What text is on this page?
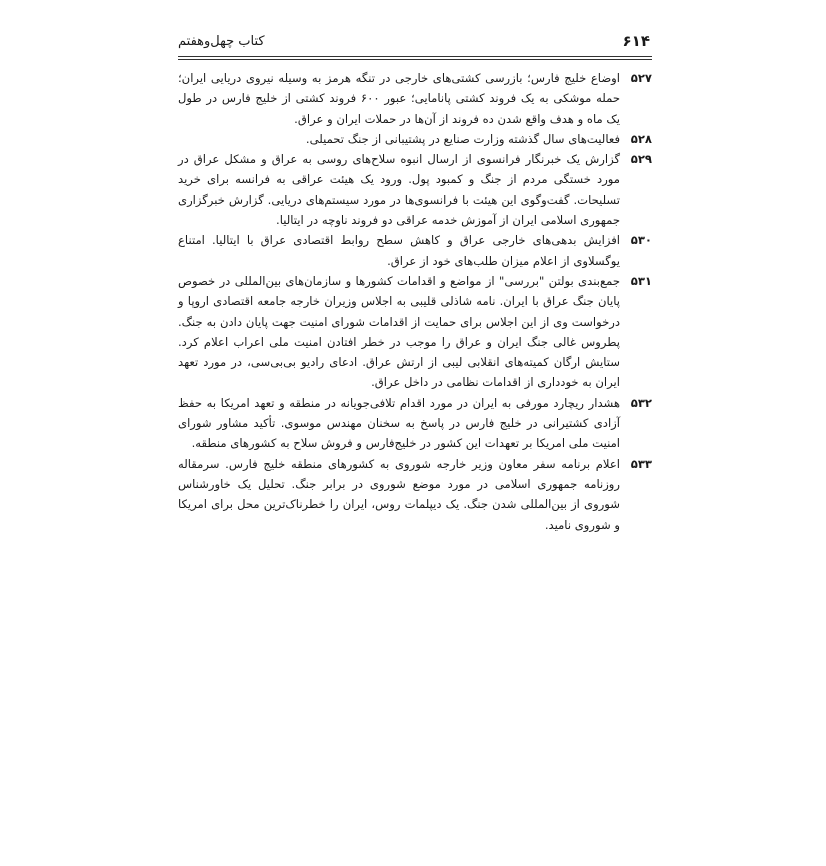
کتاب چهل‌وهفتم	۶۱۴
۵۲۷
اوضاع خلیج فارس؛ بازرسی کشتی‌های خارجی در تنگه هرمز به وسیله نیروی دریایی ایران؛ حمله موشکی به یک فروند کشتی پانامایی؛ عبور ۶۰۰ فروند کشتی از خلیج فارس در طول یک ماه و هدف واقع شدن ده فروند از آن‌ها در حملات ایران و عراق.
۵۲۸
فعالیت‌های سال گذشته وزارت صنایع در پشتیبانی از جنگ تحمیلی.
۵۲۹
گزارش یک خبرنگار فرانسوی از ارسال انبوه سلاح‌های روسی به عراق و مشکل عراق در مورد خستگی مردم از جنگ و کمبود پول. ورود یک هیئت عراقی به فرانسه برای خرید تسلیحات. گفت‌وگوی این هیئت با فرانسوی‌ها در مورد سیستم‌های دریایی. گزارش خبرگزاری جمهوری اسلامی ایران از آموزش خدمه عراقی دو فروند ناوچه در ایتالیا.
۵۳۰
افزایش بدهی‌های خارجی عراق و کاهش سطح روابط اقتصادی عراق با ایتالیا. امتناع یوگسلاوی از اعلام میزان طلب‌های خود از عراق.
۵۳۱
جمع‌بندی بولتن "بررسی" از مواضع و اقدامات کشورها و سازمان‌های بین‌المللی در خصوص پایان جنگ عراق با ایران. نامه شاذلی قلیبی به اجلاس وزیران خارجه جامعه اقتصادی اروپا و درخواست وی از این اجلاس برای حمایت از اقدامات شورای امنیت جهت پایان دادن به جنگ. پطروس غالی جنگ ایران و عراق را موجب در خطر افتادن امنیت ملی اعراب اعلام کرد. ستایش ارگان کمیته‌های انقلابی لیبی از ارتش عراق. ادعای رادیو بی‌بی‌سی، در مورد تعهد ایران به خودداری از اقدامات نظامی در داخل عراق.
۵۳۲
هشدار ریچارد مورفی به ایران در مورد اقدام تلافی‌جویانه در منطقه و تعهد امریکا به حفظ آزادی کشتیرانی در خلیج فارس در پاسخ به سخنان مهندس موسوی. تأکید مشاور شورای امنیت ملی امریکا بر تعهدات این کشور در خلیج‌فارس و فروش سلاح به کشورهای منطقه.
۵۳۳
اعلام برنامه سفر معاون وزیر خارجه شوروی به کشورهای منطقه خلیج فارس. سرمقاله روزنامه جمهوری اسلامی در مورد موضع شوروی در برابر جنگ. تحلیل یک خاورشناس شوروی از بین‌المللی شدن جنگ. یک دیپلمات روس، ایران را خطرناک‌ترین محل برای امریکا و شوروی نامید.
